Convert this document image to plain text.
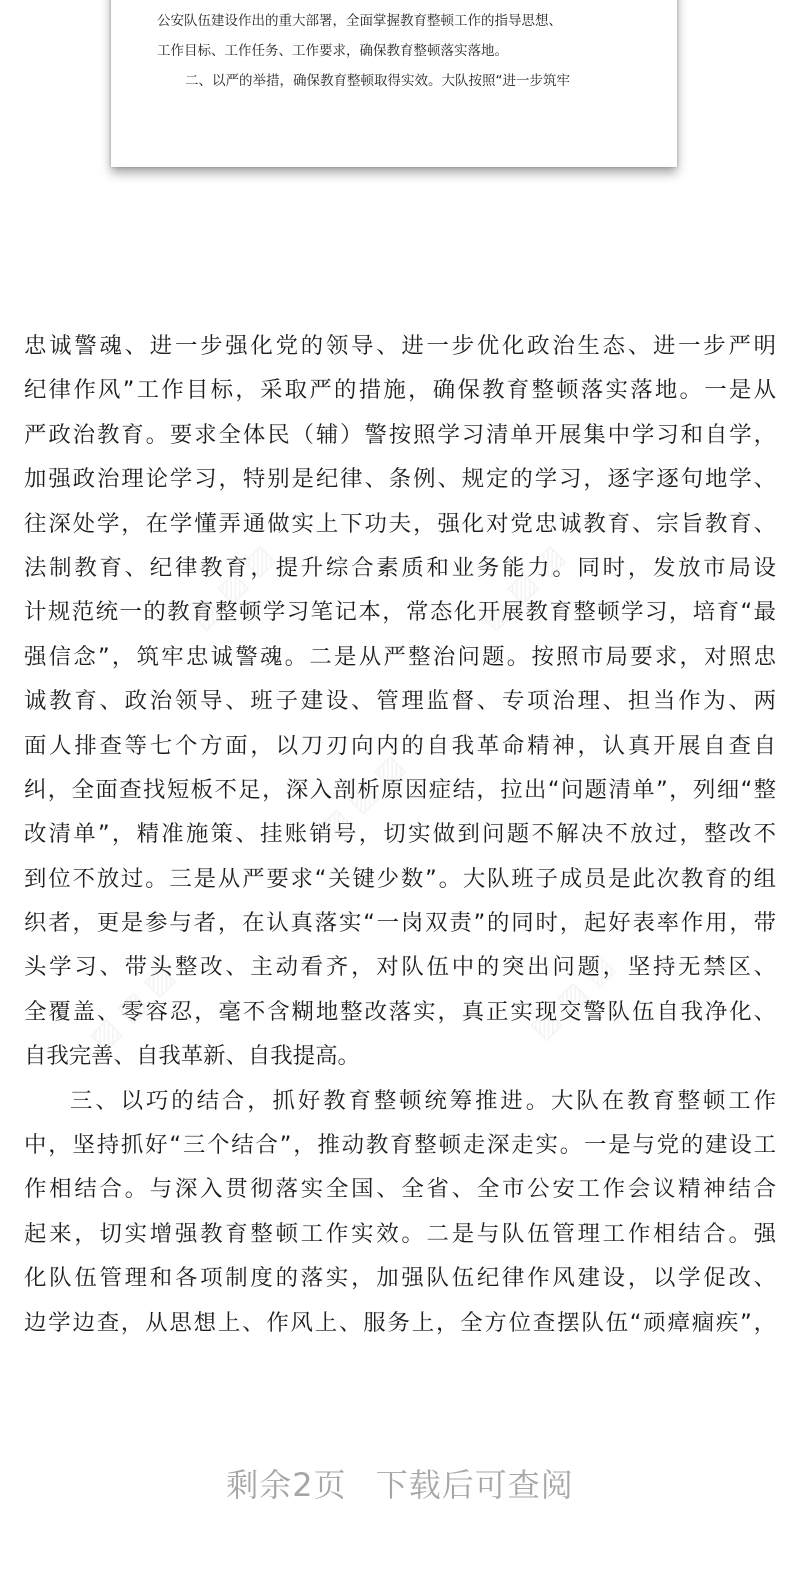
公安队伍建设作出的重大部署，全面掌握教育整顿工作的指导思想、
工作目标、工作任务、工作要求，确保教育整顿落实落地。
二、以严的举措，确保教育整顿取得实效。大队按照“进一步筑牢
忠诚警魂、进一步强化党的领导、进一步优化政治生态、进一步严明
纪律作风”工作目标，采取严的措施，确保教育整顿落实落地。一是从
严政治教育。要求全体民（辅）警按照学习清单开展集中学习和自学，
加强政治理论学习，特别是纪律、条例、规定的学习，逐字逐句地学、
往深处学，在学懂弄通做实上下功夫，强化对党忠诚教育、宗旨教育、
法制教育、纪律教育，提升综合素质和业务能力。同时，发放市局设
计规范统一的教育整顿学习笔记本，常态化开展教育整顿学习，培育“最
强信念”，筑牢忠诚警魂。二是从严整治问题。按照市局要求，对照忠
诚教育、政治领导、班子建设、管理监督、专项治理、担当作为、两
面人排查等七个方面，以刀刃向内的自我革命精神，认真开展自查自
纠，全面查找短板不足，深入剖析原因症结，拉出“问题清单”，列细“整
改清单”，精准施策、挂账销号，切实做到问题不解决不放过，整改不
到位不放过。三是从严要求“关键少数”。大队班子成员是此次教育的组
织者，更是参与者，在认真落实“一岗双责”的同时，起好表率作用，带
头学习、带头整改、主动看齐，对队伍中的突出问题，坚持无禁区、
全覆盖、零容忍，毫不含糊地整改落实，真正实现交警队伍自我净化、
自我完善、自我革新、自我提高。
三、以巧的结合，抓好教育整顿统筹推进。大队在教育整顿工作
中，坚持抓好“三个结合”，推动教育整顿走深走实。一是与党的建设工
作相结合。与深入贯彻落实全国、全省、全市公安工作会议精神结合
起来，切实增强教育整顿工作实效。二是与队伍管理工作相结合。强
化队伍管理和各项制度的落实，加强队伍纪律作风建设，以学促改、
边学边查，从思想上、作风上、服务上，全方位查摆队伍“顽瘴痼疾”，
剩余2页 下载后可查阅
